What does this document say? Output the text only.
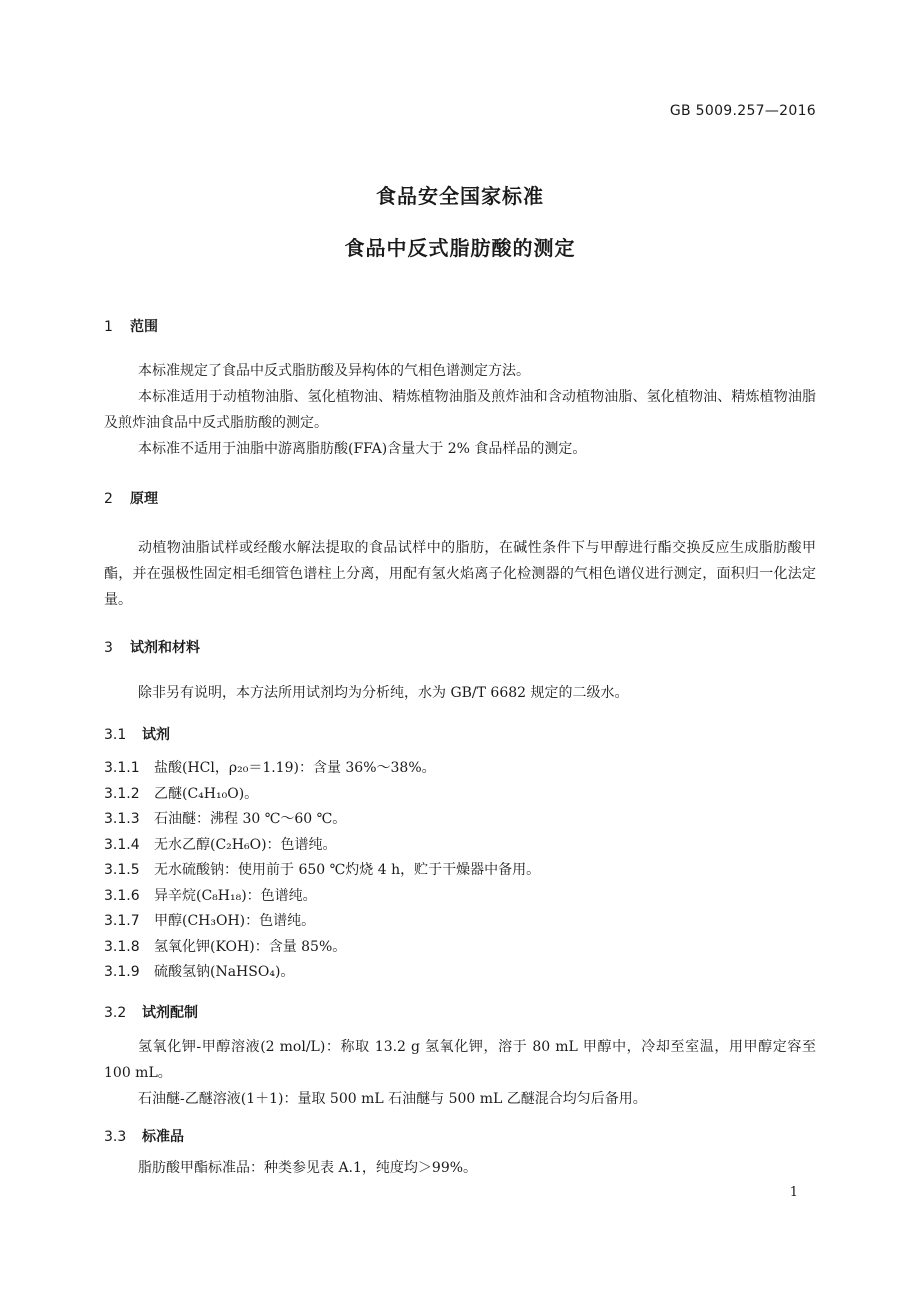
GB 5009.257—2016
食品安全国家标准
食品中反式脂肪酸的测定

1 范围

本标准规定了食品中反式脂肪酸及异构体的气相色谱测定方法。

本标准适用于动植物油脂、氢化植物油、精炼植物油脂及煎炸油和含动植物油脂、氢化植物油、精炼植物油脂及煎炸油食品中反式脂肪酸的测定。

本标准不适用于油脂中游离脂肪酸(FFA)含量大于 2% 食品样品的测定。

2 原理

动植物油脂试样或经酸水解法提取的食品试样中的脂肪，在碱性条件下与甲醇进行酯交换反应生成脂肪酸甲酯，并在强极性固定相毛细管色谱柱上分离，用配有氢火焰离子化检测器的气相色谱仪进行测定，面积归一化法定量。

3 试剂和材料

除非另有说明，本方法所用试剂均为分析纯，水为 GB/T 6682 规定的二级水。

3.1 试剂

3.1.1 盐酸(HCl，ρ₂₀＝1.19)：含量 36%～38%。

3.1.2 乙醚(C₄H₁₀O)。

3.1.3 石油醚：沸程 30 ℃～60 ℃。

3.1.4 无水乙醇(C₂H₆O)：色谱纯。

3.1.5 无水硫酸钠：使用前于 650 ℃灼烧 4 h，贮于干燥器中备用。

3.1.6 异辛烷(C₈H₁₈)：色谱纯。

3.1.7 甲醇(CH₃OH)：色谱纯。

3.1.8 氢氧化钾(KOH)：含量 85%。

3.1.9 硫酸氢钠(NaHSO₄)。

3.2 试剂配制

氢氧化钾-甲醇溶液(2 mol/L)：称取 13.2 g 氢氧化钾，溶于 80 mL 甲醇中，冷却至室温，用甲醇定容至 100 mL。

石油醚-乙醚溶液(1＋1)：量取 500 mL 石油醚与 500 mL 乙醚混合均匀后备用。

3.3 标准品

脂肪酸甲酯标准品：种类参见表 A.1，纯度均＞99%。

1
